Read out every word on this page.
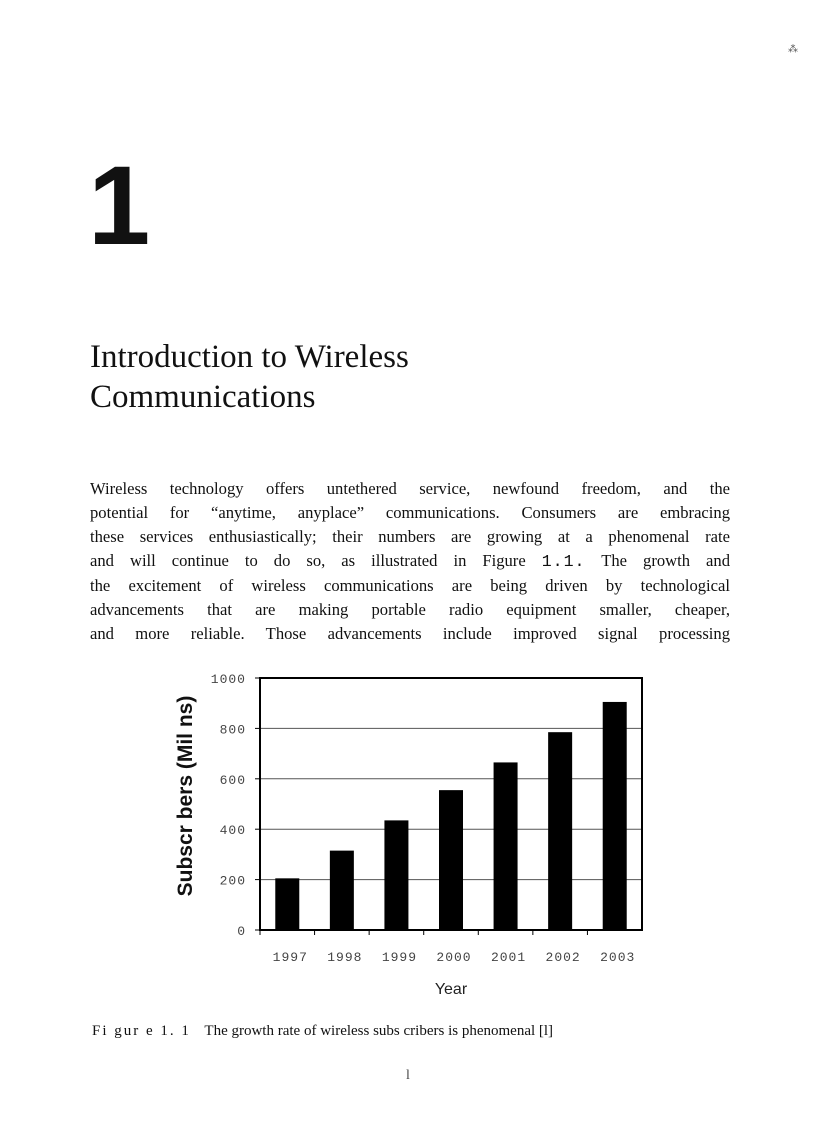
⁂
1
Introduction to Wireless
Communications
Wireless technology offers untethered service, newfound freedom, and the
potential for “anytime, anyplace” communications. Consumers are embracing
these services enthusiastically; their numbers are growing at a phenomenal rate
and will continue to do so, as illustrated in Figure 1.1. The growth and
the excitement of wireless communications are being driven by technological
advancements that are making portable radio equipment smaller, cheaper,
and more reliable. Those advancements include improved signal processing
0
200
400
600
800
1000
1997 1998 1999 2000 2001 2002 2003
Year
Subscr bers (Mil ns)
Fi gur e 1. 1 The growth rate of wireless subs cribers is phenomenal [l]
l
